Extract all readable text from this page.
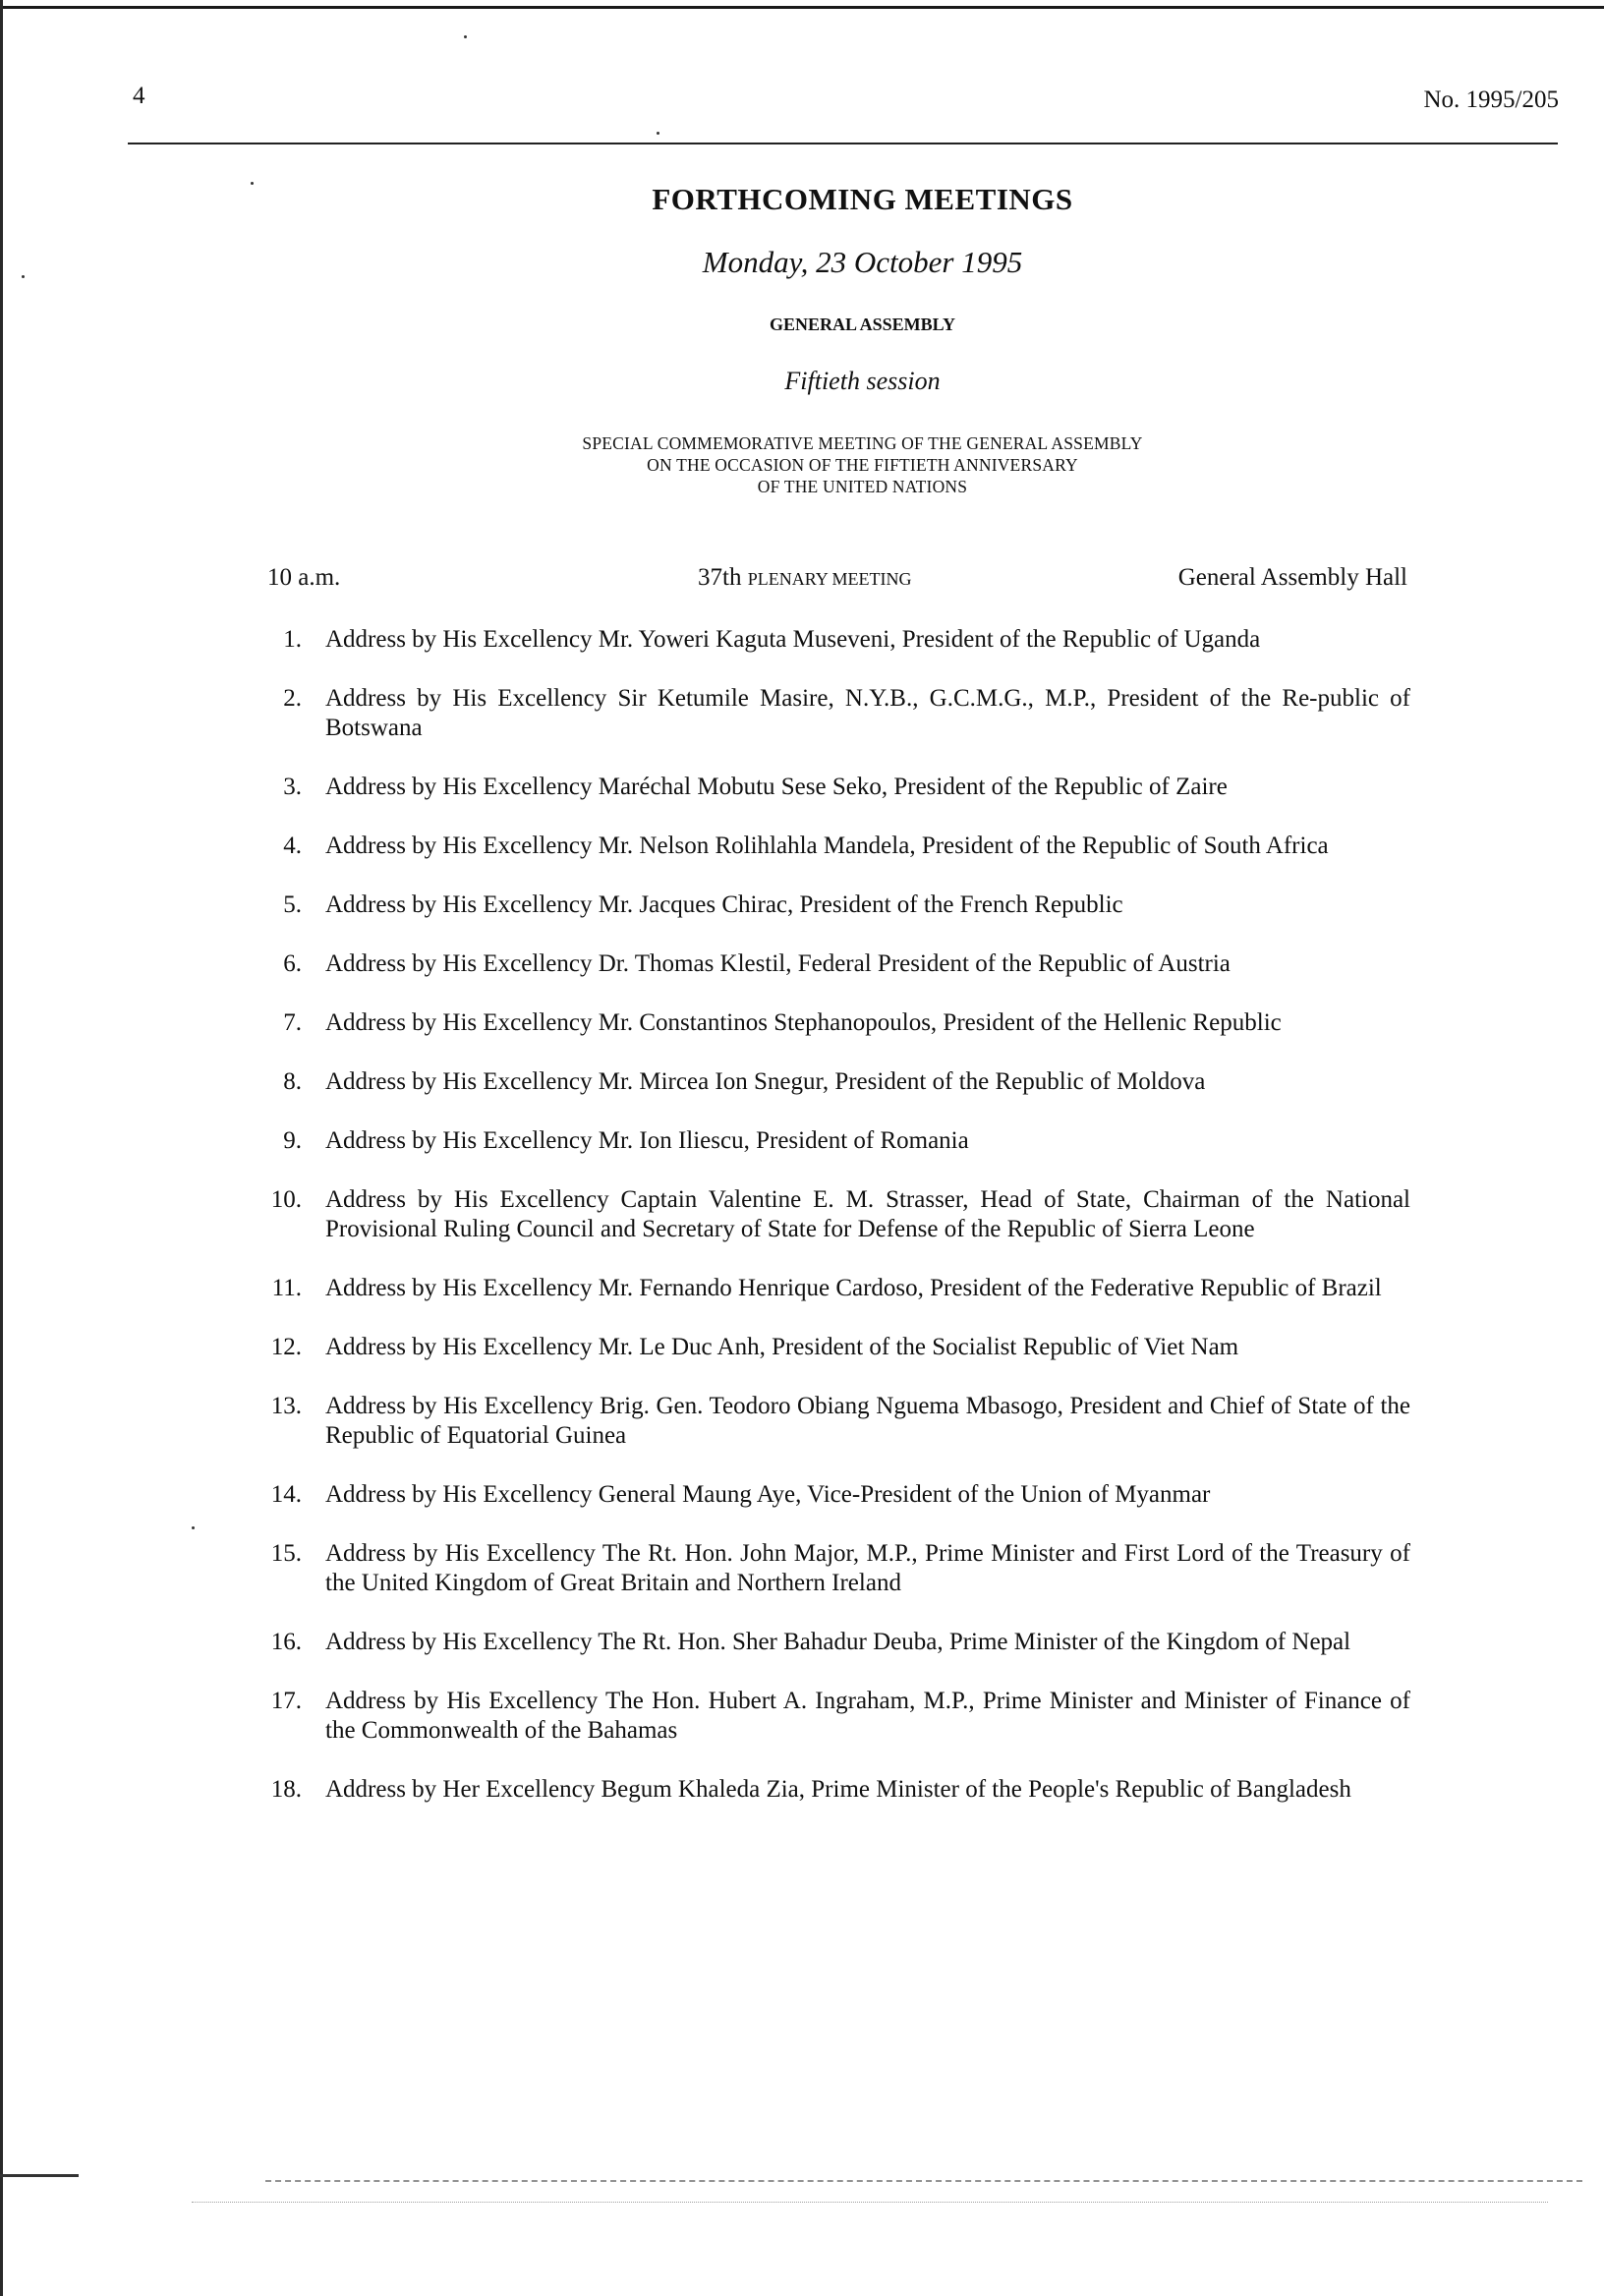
4	No. 1995/205
FORTHCOMING MEETINGS
Monday, 23 October 1995
GENERAL ASSEMBLY
Fiftieth session
SPECIAL COMMEMORATIVE MEETING OF THE GENERAL ASSEMBLY
ON THE OCCASION OF THE FIFTIETH ANNIVERSARY
OF THE UNITED NATIONS
10 a.m.	37th PLENARY MEETING	General Assembly Hall
1. Address by His Excellency Mr. Yoweri Kaguta Museveni, President of the Republic of Uganda
2. Address by His Excellency Sir Ketumile Masire, N.Y.B., G.C.M.G., M.P., President of the Re-public of Botswana
3. Address by His Excellency Maréchal Mobutu Sese Seko, President of the Republic of Zaire
4. Address by His Excellency Mr. Nelson Rolihlahla Mandela, President of the Republic of South Africa
5. Address by His Excellency Mr. Jacques Chirac, President of the French Republic
6. Address by His Excellency Dr. Thomas Klestil, Federal President of the Republic of Austria
7. Address by His Excellency Mr. Constantinos Stephanopoulos, President of the Hellenic Republic
8. Address by His Excellency Mr. Mircea Ion Snegur, President of the Republic of Moldova
9. Address by His Excellency Mr. Ion Iliescu, President of Romania
10. Address by His Excellency Captain Valentine E. M. Strasser, Head of State, Chairman of the National Provisional Ruling Council and Secretary of State for Defense of the Republic of Sierra Leone
11. Address by His Excellency Mr. Fernando Henrique Cardoso, President of the Federative Republic of Brazil
12. Address by His Excellency Mr. Le Duc Anh, President of the Socialist Republic of Viet Nam
13. Address by His Excellency Brig. Gen. Teodoro Obiang Nguema Mbasogo, President and Chief of State of the Republic of Equatorial Guinea
14. Address by His Excellency General Maung Aye, Vice-President of the Union of Myanmar
15. Address by His Excellency The Rt. Hon. John Major, M.P., Prime Minister and First Lord of the Treasury of the United Kingdom of Great Britain and Northern Ireland
16. Address by His Excellency The Rt. Hon. Sher Bahadur Deuba, Prime Minister of the Kingdom of Nepal
17. Address by His Excellency The Hon. Hubert A. Ingraham, M.P., Prime Minister and Minister of Finance of the Commonwealth of the Bahamas
18. Address by Her Excellency Begum Khaleda Zia, Prime Minister of the People's Republic of Bangladesh
